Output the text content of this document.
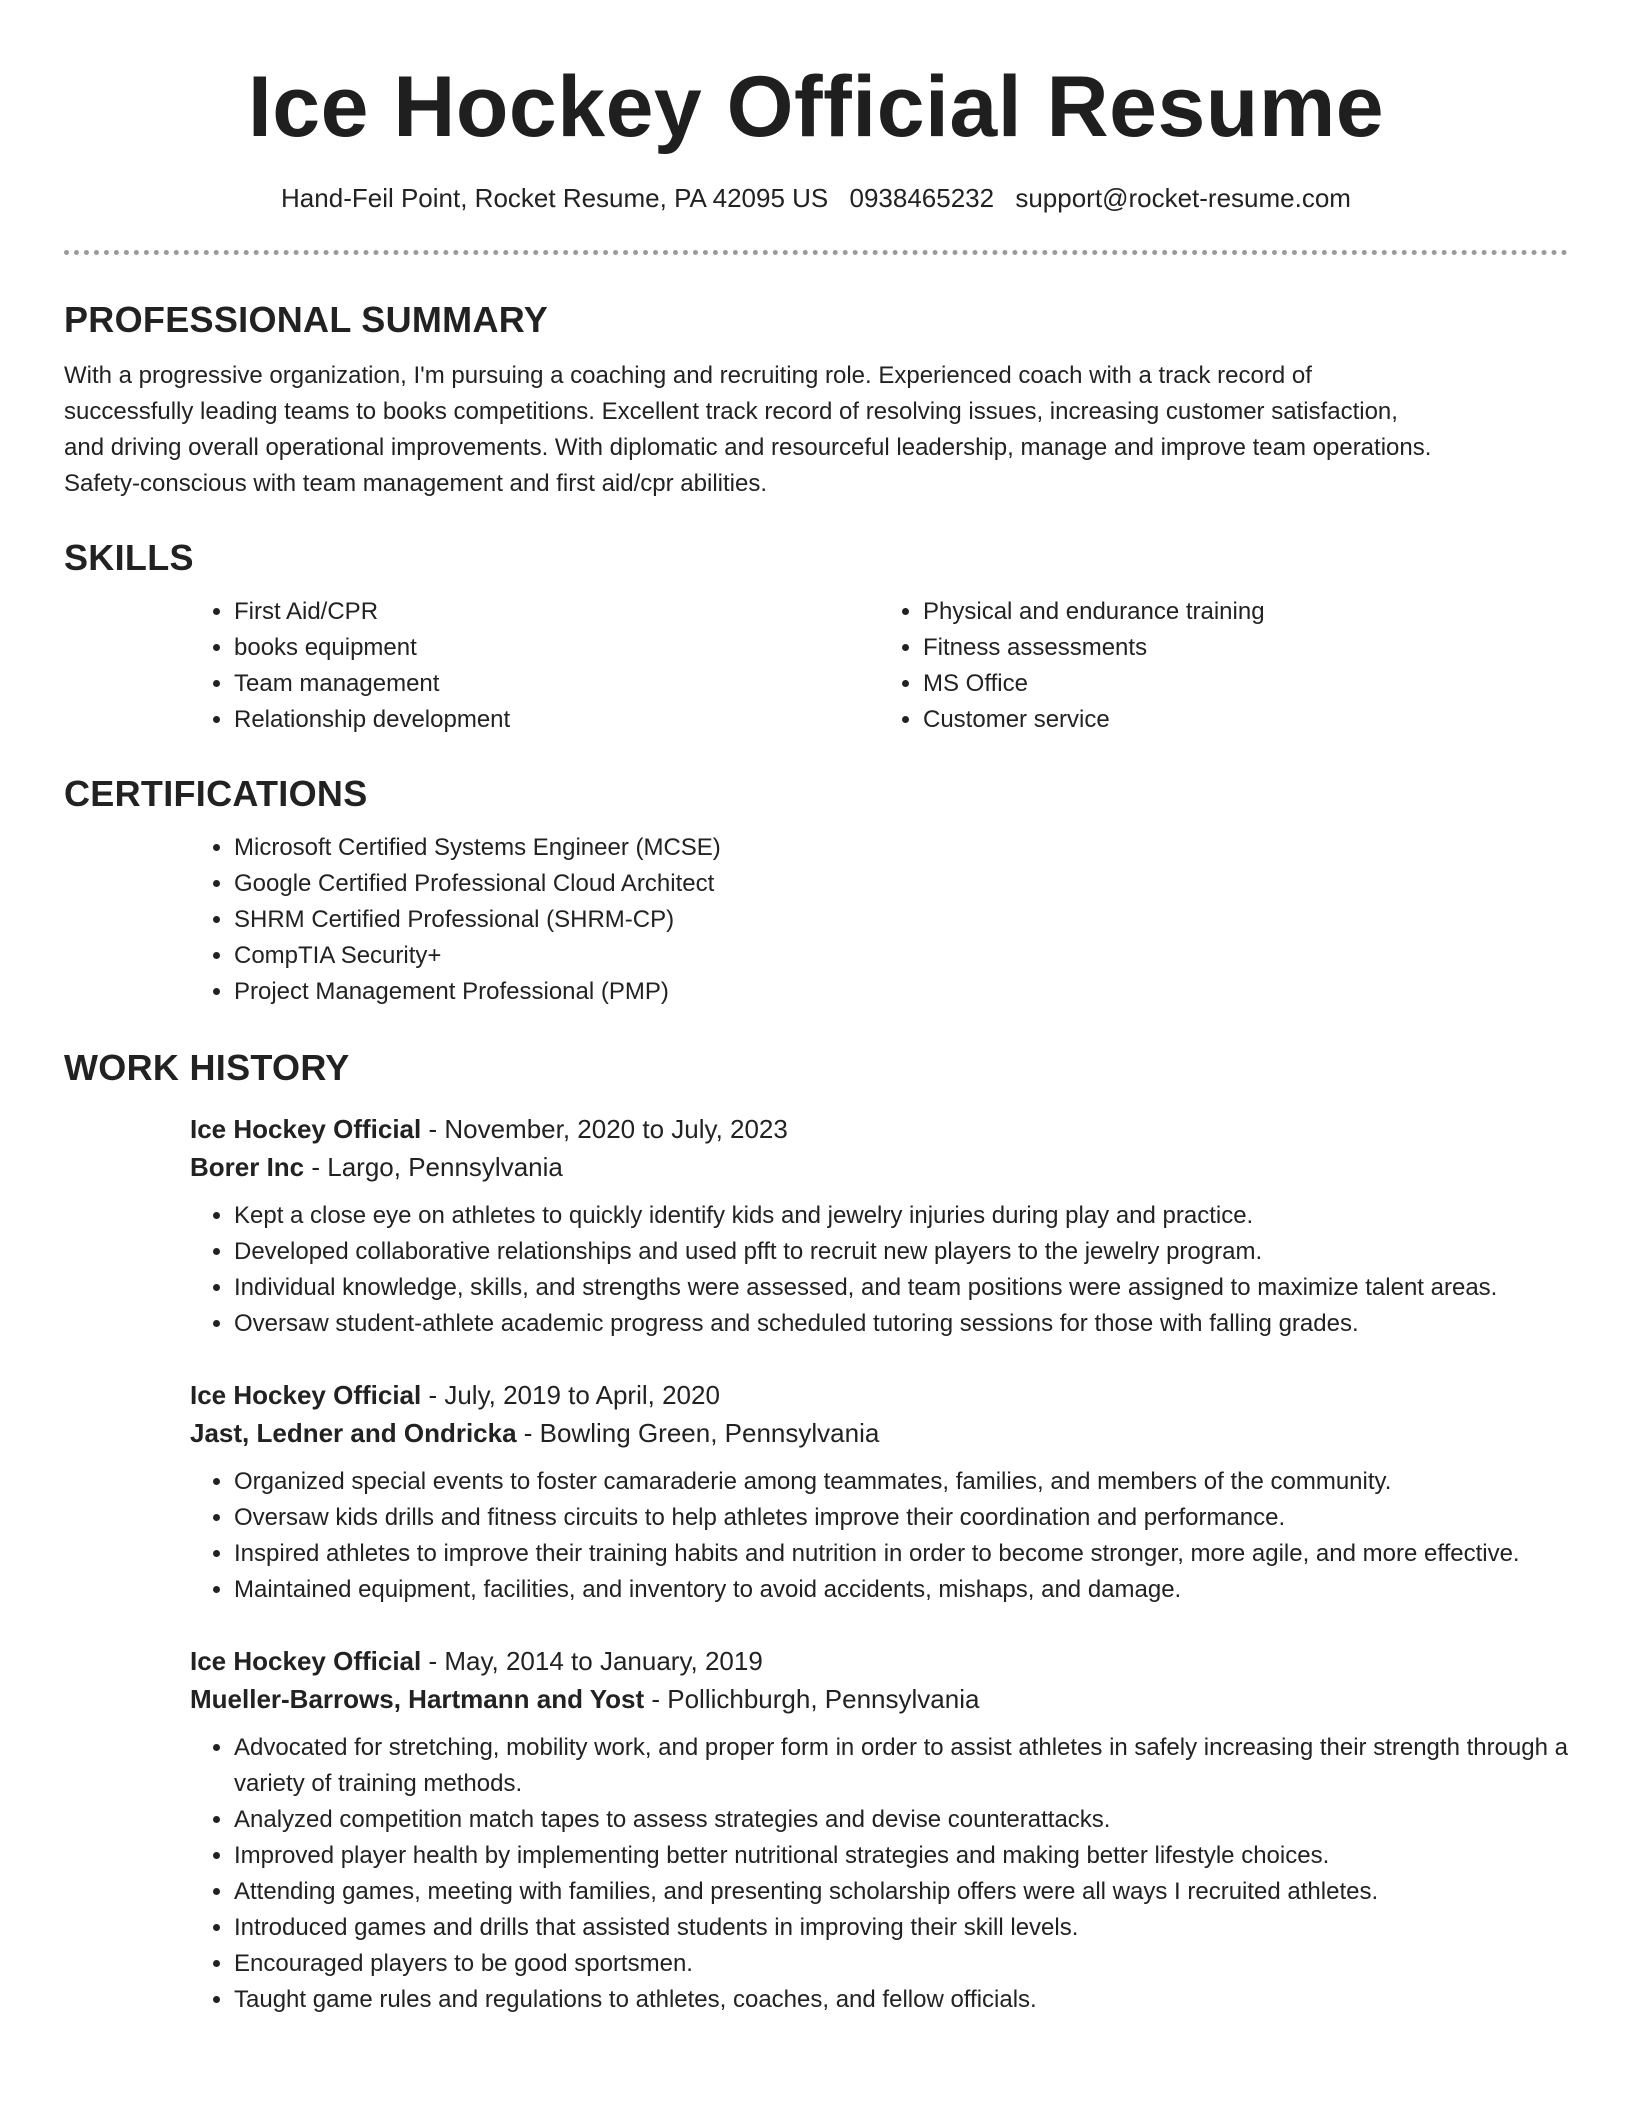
Ice Hockey Official Resume
Hand-Feil Point, Rocket Resume, PA 42095 US 0938465232 support@rocket-resume.com
PROFESSIONAL SUMMARY

With a progressive organization, I'm pursuing a coaching and recruiting role. Experienced coach with a track record of successfully leading teams to books competitions. Excellent track record of resolving issues, increasing customer satisfaction, and driving overall operational improvements. With diplomatic and resourceful leadership, manage and improve team operations. Safety-conscious with team management and first aid/cpr abilities.

SKILLS
• First Aid/CPR
• books equipment
• Team management
• Relationship development
• Physical and endurance training
• Fitness assessments
• MS Office
• Customer service
CERTIFICATIONS
• Microsoft Certified Systems Engineer (MCSE)
• Google Certified Professional Cloud Architect
• SHRM Certified Professional (SHRM-CP)
• CompTIA Security+
• Project Management Professional (PMP)
WORK HISTORY
Ice Hockey Official - November, 2020 to July, 2023
Borer Inc - Largo, Pennsylvania
• Kept a close eye on athletes to quickly identify kids and jewelry injuries during play and practice.
• Developed collaborative relationships and used pfft to recruit new players to the jewelry program.
• Individual knowledge, skills, and strengths were assessed, and team positions were assigned to maximize talent areas.
• Oversaw student-athlete academic progress and scheduled tutoring sessions for those with falling grades.
Ice Hockey Official - July, 2019 to April, 2020
Jast, Ledner and Ondricka - Bowling Green, Pennsylvania
• Organized special events to foster camaraderie among teammates, families, and members of the community.
• Oversaw kids drills and fitness circuits to help athletes improve their coordination and performance.
• Inspired athletes to improve their training habits and nutrition in order to become stronger, more agile, and more effective.
• Maintained equipment, facilities, and inventory to avoid accidents, mishaps, and damage.
Ice Hockey Official - May, 2014 to January, 2019
Mueller-Barrows, Hartmann and Yost - Pollichburgh, Pennsylvania
• Advocated for stretching, mobility work, and proper form in order to assist athletes in safely increasing their strength through a variety of training methods.
• Analyzed competition match tapes to assess strategies and devise counterattacks.
• Improved player health by implementing better nutritional strategies and making better lifestyle choices.
• Attending games, meeting with families, and presenting scholarship offers were all ways I recruited athletes.
• Introduced games and drills that assisted students in improving their skill levels.
• Encouraged players to be good sportsmen.
• Taught game rules and regulations to athletes, coaches, and fellow officials.
